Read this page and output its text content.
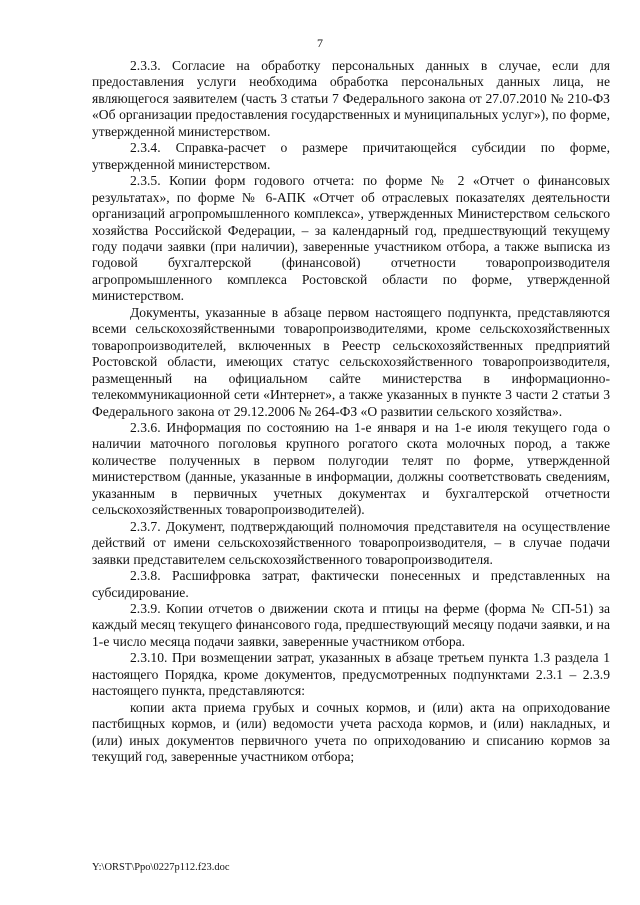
7

2.3.3. Согласие на обработку персональных данных в случае, если для предоставления услуги необходима обработка персональных данных лица, не являющегося заявителем (часть 3 статьи 7 Федерального закона от 27.07.2010 № 210-ФЗ «Об организации предоставления государственных и муниципальных услуг»), по форме, утвержденной министерством.

2.3.4. Справка-расчет о размере причитающейся субсидии по форме, утвержденной министерством.

2.3.5. Копии форм годового отчета: по форме № 2 «Отчет о финансовых результатах», по форме № 6-АПК «Отчет об отраслевых показателях деятельности организаций агропромышленного комплекса», утвержденных Министерством сельского хозяйства Российской Федерации, – за календарный год, предшествующий текущему году подачи заявки (при наличии), заверенные участником отбора, а также выписка из годовой бухгалтерской (финансовой) отчетности товаропроизводителя агропромышленного комплекса Ростовской области по форме, утвержденной министерством.

Документы, указанные в абзаце первом настоящего подпункта, представляются всеми сельскохозяйственными товаропроизводителями, кроме сельскохозяйственных товаропроизводителей, включенных в Реестр сельскохозяйственных предприятий Ростовской области, имеющих статус сельскохозяйственного товаропроизводителя, размещенный на официальном сайте министерства в информационно-телекоммуникационной сети «Интернет», а также указанных в пункте 3 части 2 статьи 3 Федерального закона от 29.12.2006 № 264-ФЗ «О развитии сельского хозяйства».

2.3.6. Информация по состоянию на 1-е января и на 1-е июля текущего года о наличии маточного поголовья крупного рогатого скота молочных пород, а также количестве полученных в первом полугодии телят по форме, утвержденной министерством (данные, указанные в информации, должны соответствовать сведениям, указанным в первичных учетных документах и бухгалтерской отчетности сельскохозяйственных товаропроизводителей).

2.3.7. Документ, подтверждающий полномочия представителя на осуществление действий от имени сельскохозяйственного товаропроизводителя, – в случае подачи заявки представителем сельскохозяйственного товаропроизводителя.

2.3.8. Расшифровка затрат, фактически понесенных и представленных на субсидирование.

2.3.9. Копии отчетов о движении скота и птицы на ферме (форма № СП-51) за каждый месяц текущего финансового года, предшествующий месяцу подачи заявки, и на 1-е число месяца подачи заявки, заверенные участником отбора.

2.3.10. При возмещении затрат, указанных в абзаце третьем пункта 1.3 раздела 1 настоящего Порядка, кроме документов, предусмотренных подпунктами 2.3.1 – 2.3.9 настоящего пункта, представляются:

копии акта приема грубых и сочных кормов, и (или) акта на оприходование пастбищных кормов, и (или) ведомости учета расхода кормов, и (или) накладных, и (или) иных документов первичного учета по оприходованию и списанию кормов за текущий год, заверенные участником отбора;

Y:\ORST\Ppo\0227p112.f23.doc
